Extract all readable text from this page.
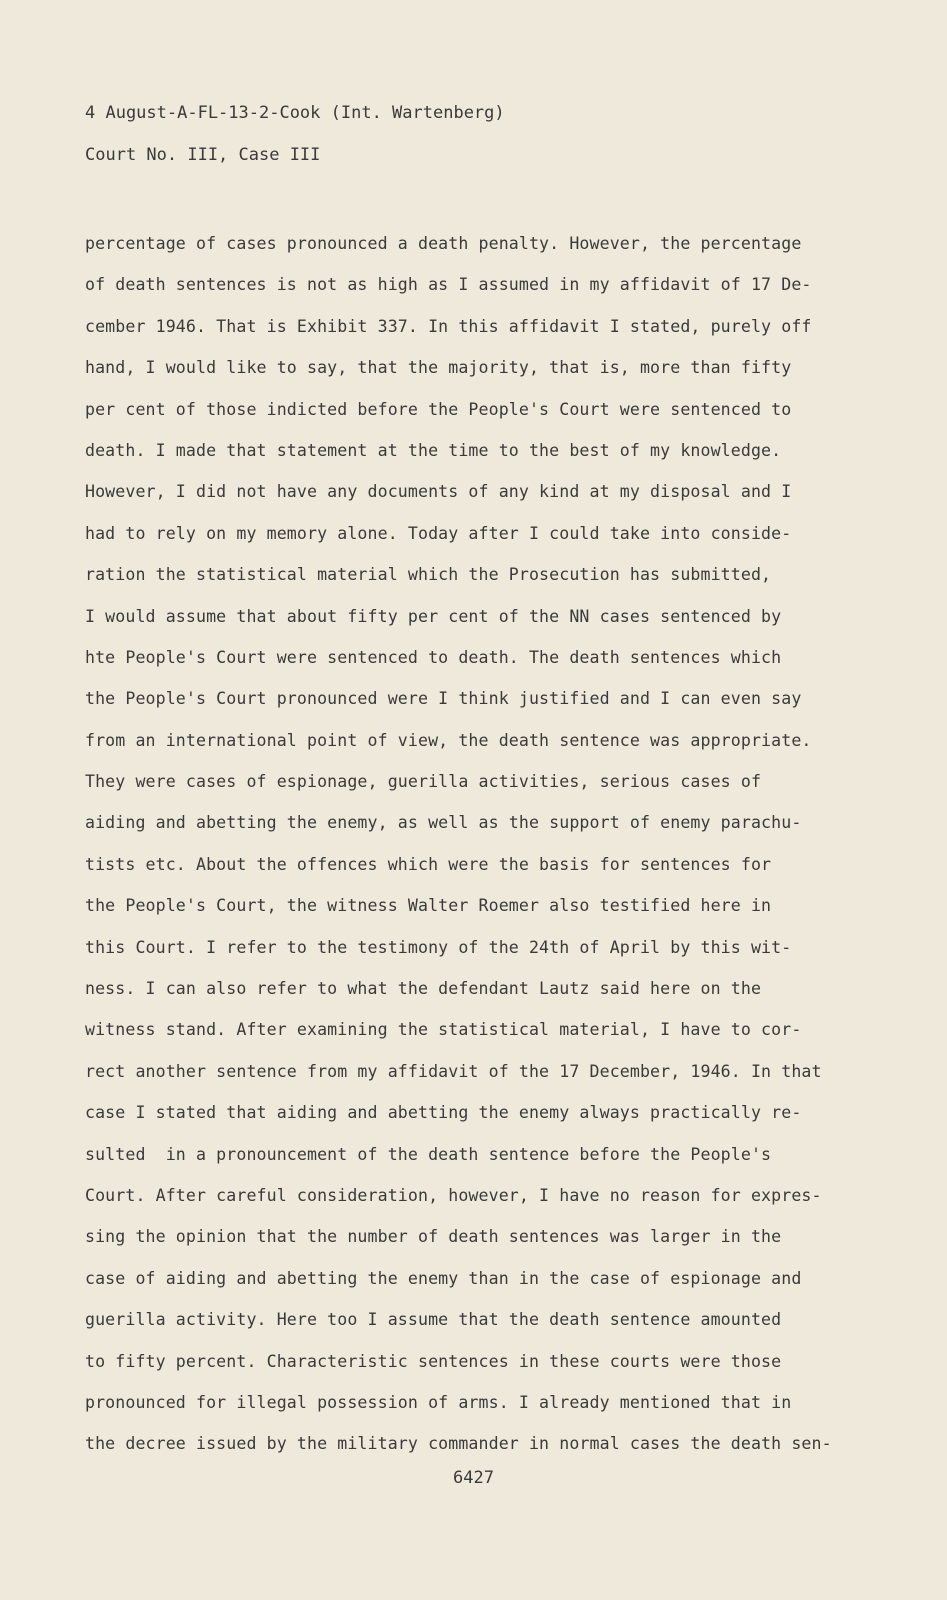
4 August-A-FL-13-2-Cook (Int. Wartenberg)
Court No. III, Case III
percentage of cases pronounced a death penalty. However, the percentage
of death sentences is not as high as I assumed in my affidavit of 17 De-
cember 1946. That is Exhibit 337. In this affidavit I stated, purely off
hand, I would like to say, that the majority, that is, more than fifty
per cent of those indicted before the People's Court were sentenced to
death. I made that statement at the time to the best of my knowledge.
However, I did not have any documents of any kind at my disposal and I
had to rely on my memory alone. Today after I could take into conside-
ration the statistical material which the Prosecution has submitted,
I would assume that about fifty per cent of the NN cases sentenced by
hte People's Court were sentenced to death. The death sentences which
the People's Court pronounced were I think justified and I can even say
from an international point of view, the death sentence was appropriate.
They were cases of espionage, guerilla activities, serious cases of
aiding and abetting the enemy, as well as the support of enemy parachu-
tists etc. About the offences which were the basis for sentences for
the People's Court, the witness Walter Roemer also testified here in
this Court. I refer to the testimony of the 24th of April by this wit-
ness. I can also refer to what the defendant Lautz said here on the
witness stand. After examining the statistical material, I have to cor-
rect another sentence from my affidavit of the 17 December, 1946. In that
case I stated that aiding and abetting the enemy always practically re-
sulted  in a pronouncement of the death sentence before the People's
Court. After careful consideration, however, I have no reason for expres-
sing the opinion that the number of death sentences was larger in the
case of aiding and abetting the enemy than in the case of espionage and
guerilla activity. Here too I assume that the death sentence amounted
to fifty percent. Characteristic sentences in these courts were those
pronounced for illegal possession of arms. I already mentioned that in
the decree issued by the military commander in normal cases the death sen-
6427
